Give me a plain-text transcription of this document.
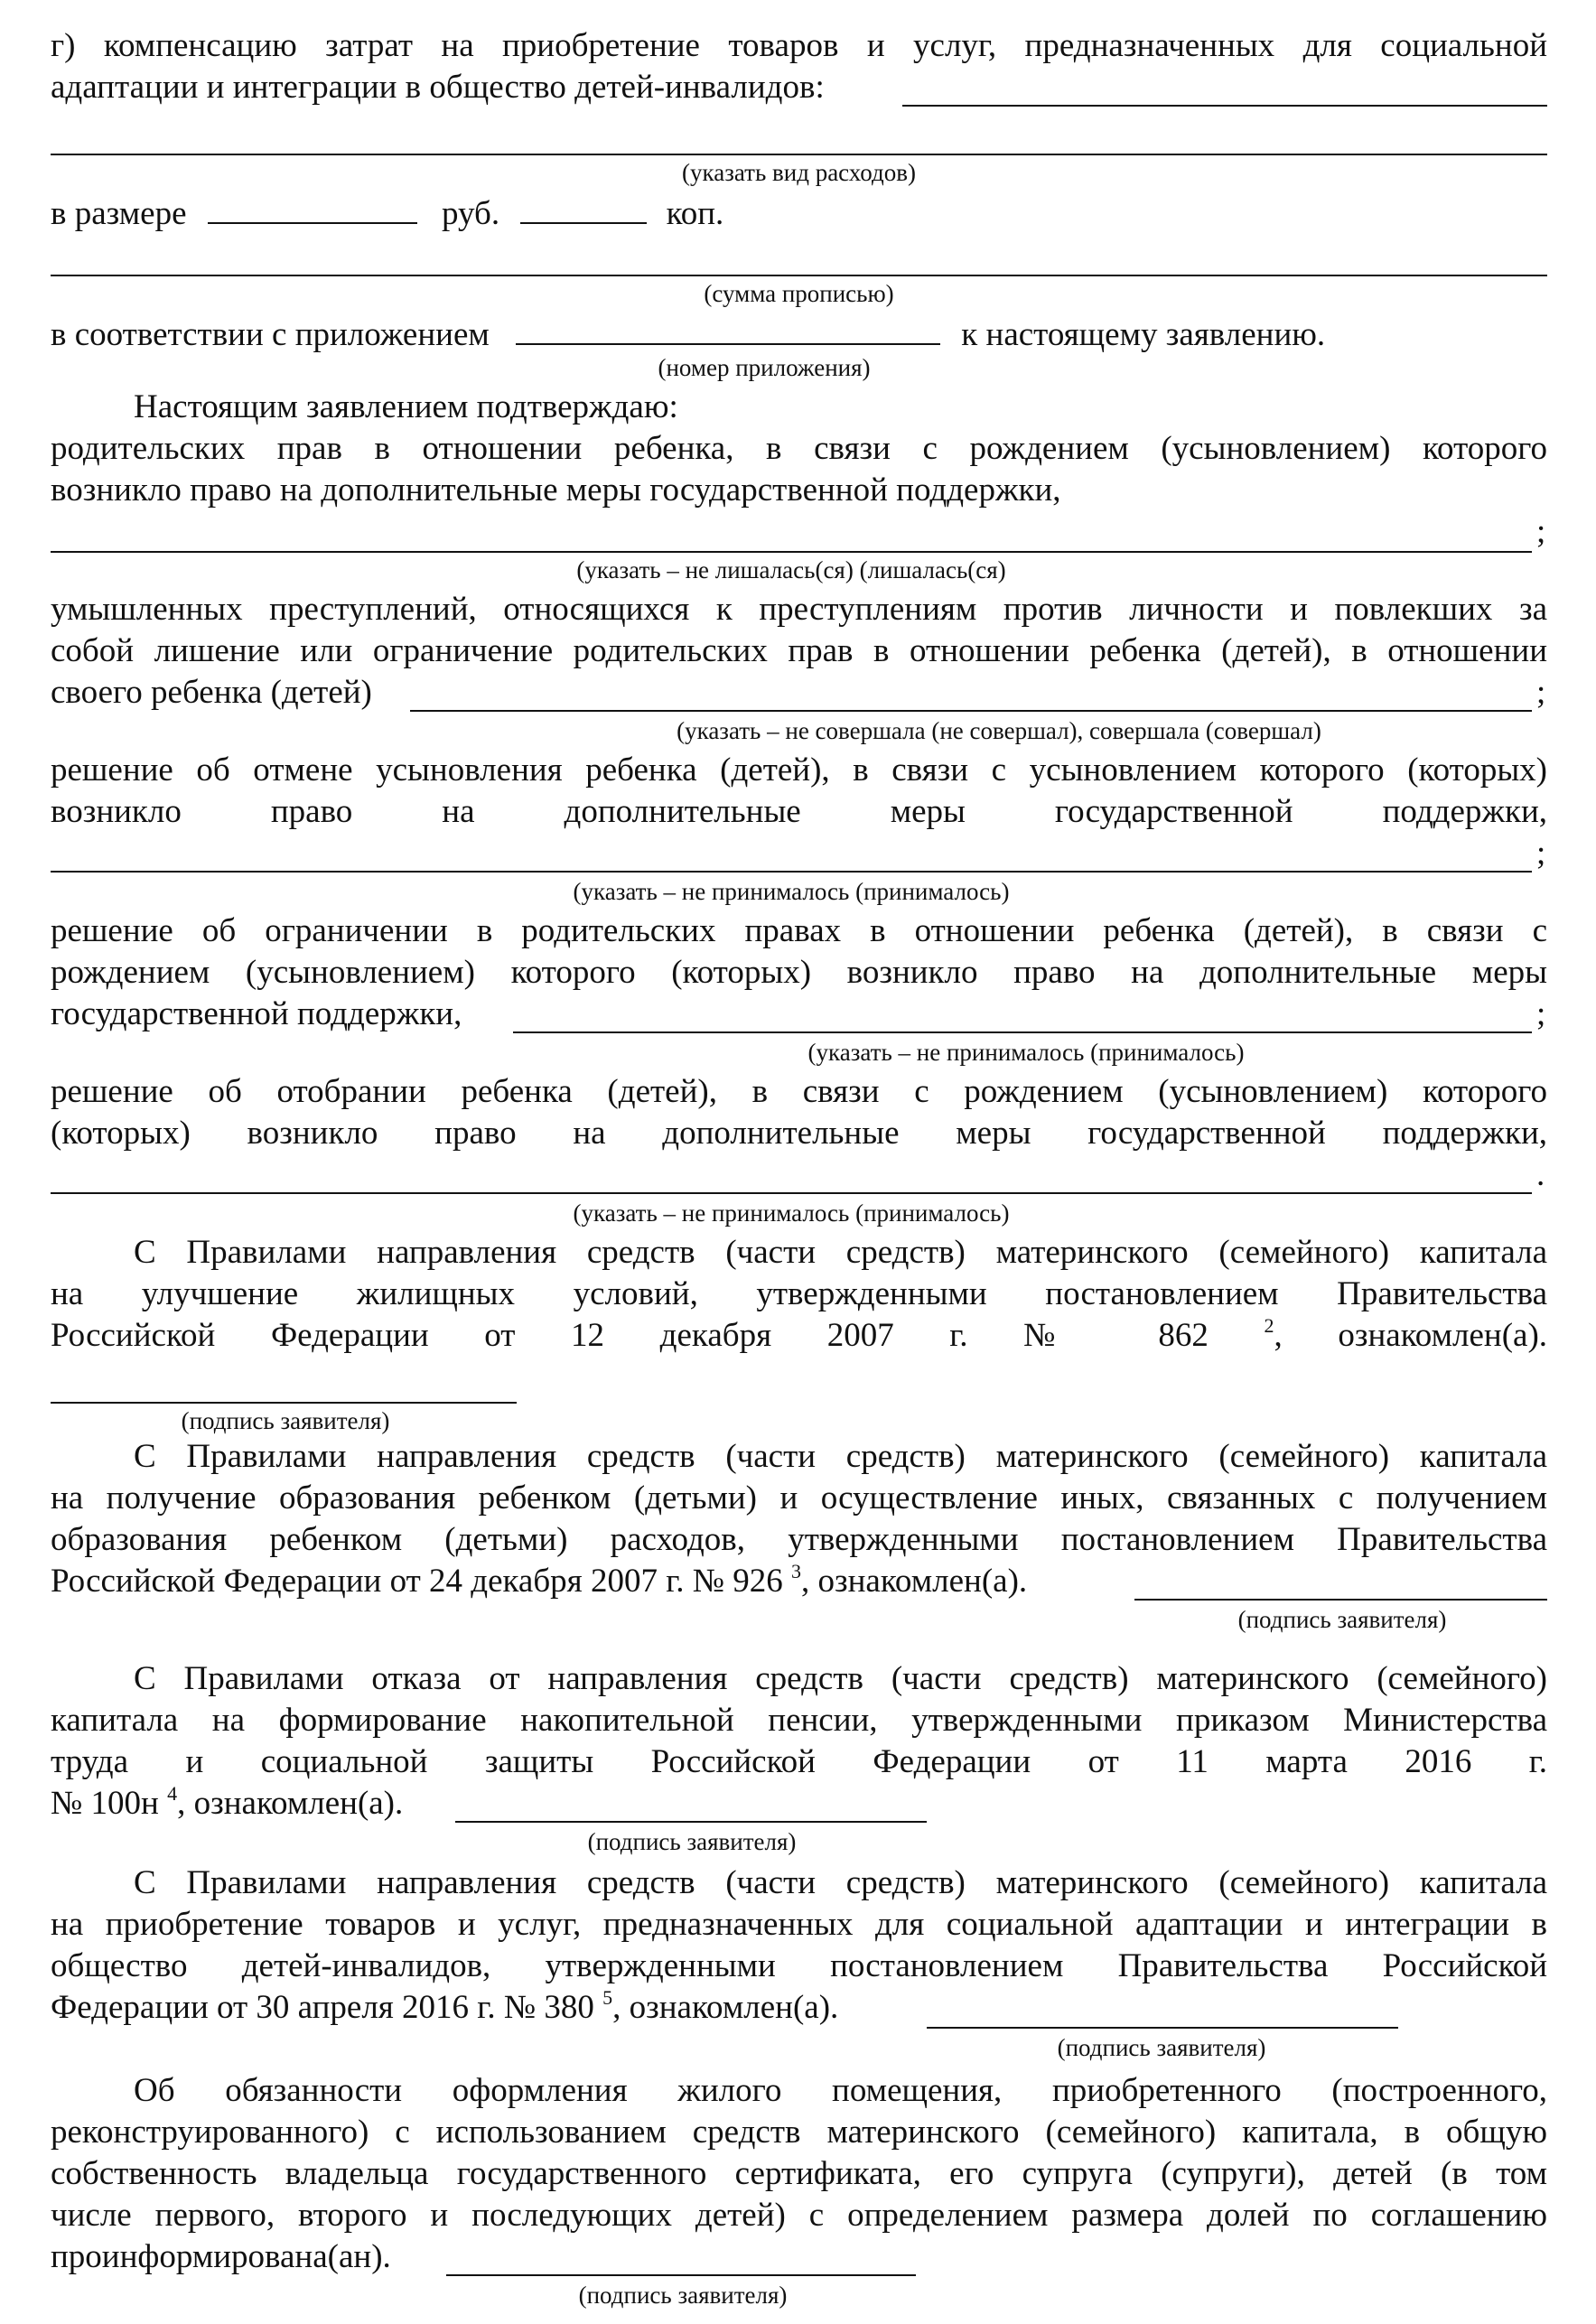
г) компенсацию затрат на приобретение товаров и услуг, предназначенных для социальной
адаптации и интеграции в общество детей-инвалидов:
(указать вид расходов)
в размере	руб.	коп.
(сумма прописью)
в соответствии с приложением	к настоящему заявлению.
(номер приложения)
Настоящим заявлением подтверждаю:
родительских прав в отношении ребенка, в связи с рождением (усыновлением) которого
возникло право на дополнительные меры государственной поддержки,
;
(указать – не лишалась(ся) (лишалась(ся)
умышленных преступлений, относящихся к преступлениям против личности и повлекших за
собой лишение или ограничение родительских прав в отношении ребенка (детей), в отношении
своего ребенка (детей)	;
(указать – не совершала (не совершал), совершала (совершал)
решение об отмене усыновления ребенка (детей), в связи с усыновлением которого (которых)
возникло право на дополнительные меры государственной поддержки,
;
(указать – не принималось (принималось)
решение об ограничении в родительских правах в отношении ребенка (детей), в связи с
рождением (усыновлением) которого (которых) возникло право на дополнительные меры
государственной поддержки,	;
(указать – не принималось (принималось)
решение об отобрании ребенка (детей), в связи с рождением (усыновлением) которого
(которых) возникло право на дополнительные меры государственной поддержки,
.
(указать – не принималось (принималось)
С Правилами направления средств (части средств) материнского (семейного) капитала
на улучшение жилищных условий, утвержденными постановлением Правительства
Российской Федерации от 12 декабря 2007 г. № 862	$^2$, ознакомлен(а).
(подпись заявителя)
С Правилами направления средств (части средств) материнского (семейного) капитала
на получение образования ребенком (детьми) и осуществление иных, связанных с получением
образования ребенком (детьми) расходов, утвержденными постановлением Правительства
Российской Федерации от 24 декабря 2007 г. № 926 $^3$, ознакомлен(а).
(подпись заявителя)
С Правилами отказа от направления средств (части средств) материнского (семейного)
капитала на формирование накопительной пенсии, утвержденными приказом Министерства
труда и социальной защиты Российской Федерации от 11 марта 2016 г.
№ 100н $^4$, ознакомлен(а).
(подпись заявителя)
С Правилами направления средств (части средств) материнского (семейного) капитала
на приобретение товаров и услуг, предназначенных для социальной адаптации и интеграции в
общество детей-инвалидов, утвержденными постановлением Правительства Российской
Федерации от 30 апреля 2016 г. № 380 $^5$, ознакомлен(а).
(подпись заявителя)
Об обязанности оформления жилого помещения, приобретенного (построенного,
реконструированного) с использованием средств материнского (семейного) капитала, в общую
собственность владельца государственного сертификата, его супруга (супруги), детей (в том
числе первого, второго и последующих детей) с определением размера долей по соглашению
проинформирована(ан).
(подпись заявителя)
